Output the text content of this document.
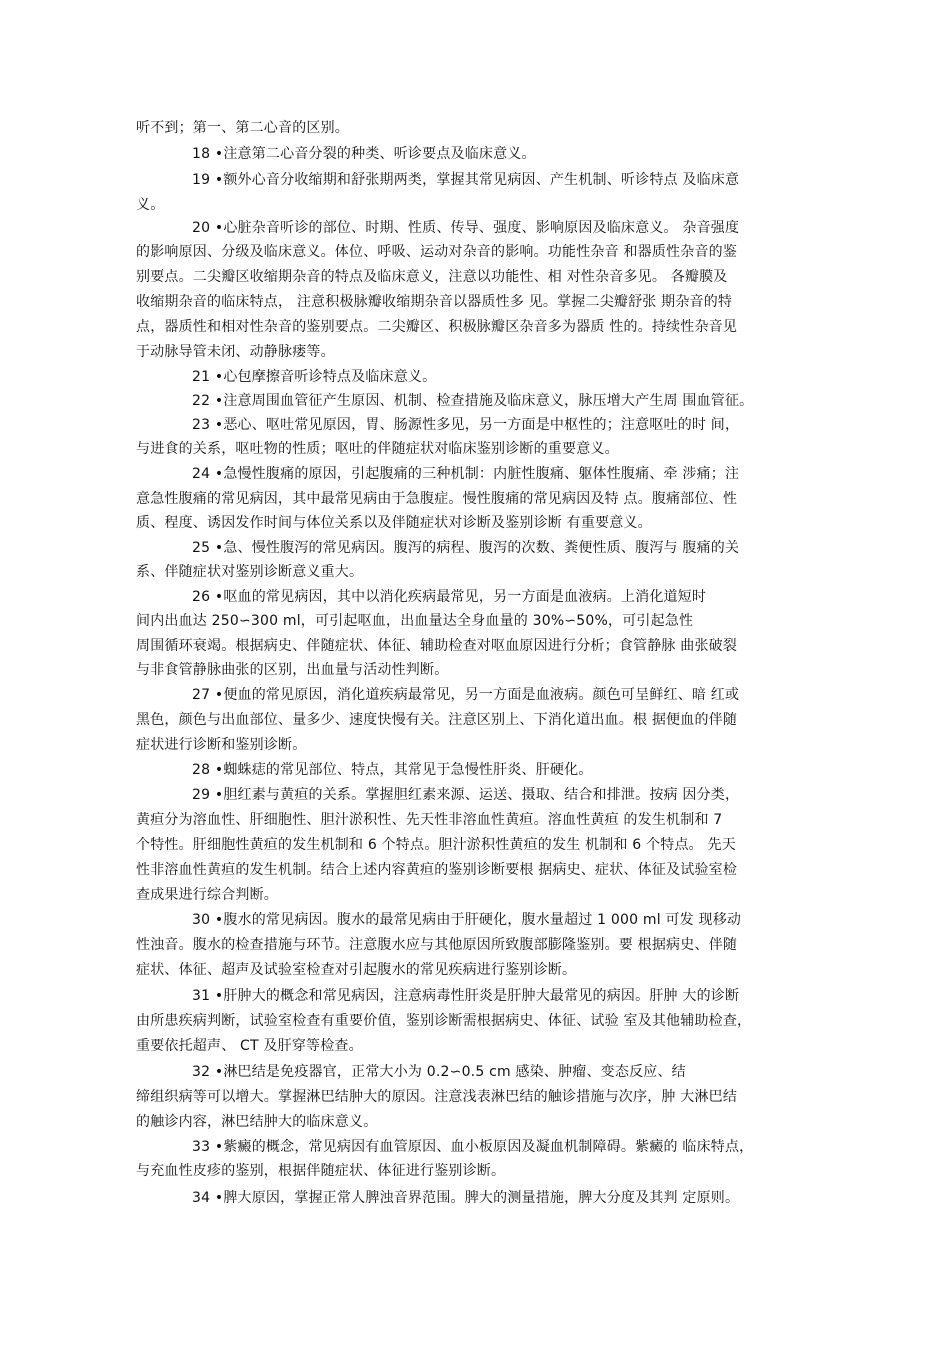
听不到；第一、第二心音的区别。
18 •注意第二心音分裂的种类、听诊要点及临床意义。
19 •额外心音分收缩期和舒张期两类，掌握其常见病因、产生机制、听诊特点 及临床意
义。
20 •心脏杂音听诊的部位、时期、性质、传导、强度、影响原因及临床意义。 杂音强度
的影响原因、分级及临床意义。体位、呼吸、运动对杂音的影响。功能性杂音 和器质性杂音的鉴
别要点。二尖瓣区收缩期杂音的特点及临床意义，注意以功能性、相 对性杂音多见。 各瓣膜及
收缩期杂音的临床特点， 注意积极脉瓣收缩期杂音以器质性多 见。掌握二尖瓣舒张 期杂音的特
点，器质性和相对性杂音的鉴别要点。二尖瓣区、积极脉瓣区杂音多为器质 性的。持续性杂音见
于动脉导管未闭、动静脉瘘等。
21 •心包摩擦音听诊特点及临床意义。
22 •注意周围血管征产生原因、机制、检查措施及临床意义，脉压增大产生周 围血管征。
23 •恶心、呕吐常见原因，胃、肠源性多见，另一方面是中枢性的；注意呕吐的时 间，
与进食的关系，呕吐物的性质；呕吐的伴随症状对临床鉴别诊断的重要意义。
24 •急慢性腹痛的原因，引起腹痛的三种机制：内脏性腹痛、躯体性腹痛、牵 涉痛；注
意急性腹痛的常见病因，其中最常见病由于急腹症。慢性腹痛的常见病因及特 点。腹痛部位、性
质、程度、诱因发作时间与体位关系以及伴随症状对诊断及鉴别诊断 有重要意义。
25 •急、慢性腹泻的常见病因。腹泻的病程、腹泻的次数、粪便性质、腹泻与 腹痛的关
系、伴随症状对鉴别诊断意义重大。
26 •呕血的常见病因，其中以消化疾病最常见，另一方面是血液病。上消化道短时
间内出血达 250∽300 ml，可引起呕血，出血量达全身血量的 30%∽50%，可引起急性
周围循环衰竭。根据病史、伴随症状、体征、辅助检查对呕血原因进行分析；食管静脉 曲张破裂
与非食管静脉曲张的区别，出血量与活动性判断。
27 •便血的常见原因，消化道疾病最常见，另一方面是血液病。颜色可呈鲜红、暗 红或
黑色，颜色与出血部位、量多少、速度快慢有关。注意区别上、下消化道出血。根 据便血的伴随
症状进行诊断和鉴别诊断。
28 •蜘蛛痣的常见部位、特点，其常见于急慢性肝炎、肝硬化。
29 •胆红素与黄疸的关系。掌握胆红素来源、运送、摄取、结合和排泄。按病 因分类，
黄疸分为溶血性、肝细胞性、胆汁淤积性、先天性非溶血性黄疸。溶血性黄疸 的发生机制和 7
个特性。肝细胞性黄疸的发生机制和 6 个特点。胆汁淤积性黄疸的发生 机制和 6 个特点。 先天
性非溶血性黄疸的发生机制。结合上述内容黄疸的鉴别诊断要根 据病史、症状、体征及试验室检
查成果进行综合判断。
30 •腹水的常见病因。腹水的最常见病由于肝硬化，腹水量超过 1 000 ml 可发 现移动
性浊音。腹水的检查措施与环节。注意腹水应与其他原因所致腹部膨隆鉴别。要 根据病史、伴随
症状、体征、超声及试验室检查对引起腹水的常见疾病进行鉴别诊断。
31 •肝肿大的概念和常见病因，注意病毒性肝炎是肝肿大最常见的病因。肝肿 大的诊断
由所患疾病判断，试验室检查有重要价值，鉴别诊断需根据病史、体征、试验 室及其他辅助检查，
重要依托超声、 CT 及肝穿等检查。
32 •淋巴结是免疫器官，正常大小为 0.2∽0.5 cm 感染、肿瘤、变态反应、结
缔组织病等可以增大。掌握淋巴结肿大的原因。注意浅表淋巴结的触诊措施与次序，肿 大淋巴结
的触诊内容，淋巴结肿大的临床意义。
33 •紫癜的概念，常见病因有血管原因、血小板原因及凝血机制障碍。紫癜的 临床特点，
与充血性皮疹的鉴别，根据伴随症状、体征进行鉴别诊断。
34 •脾大原因，掌握正常人脾浊音界范围。脾大的测量措施，脾大分度及其判 定原则。
